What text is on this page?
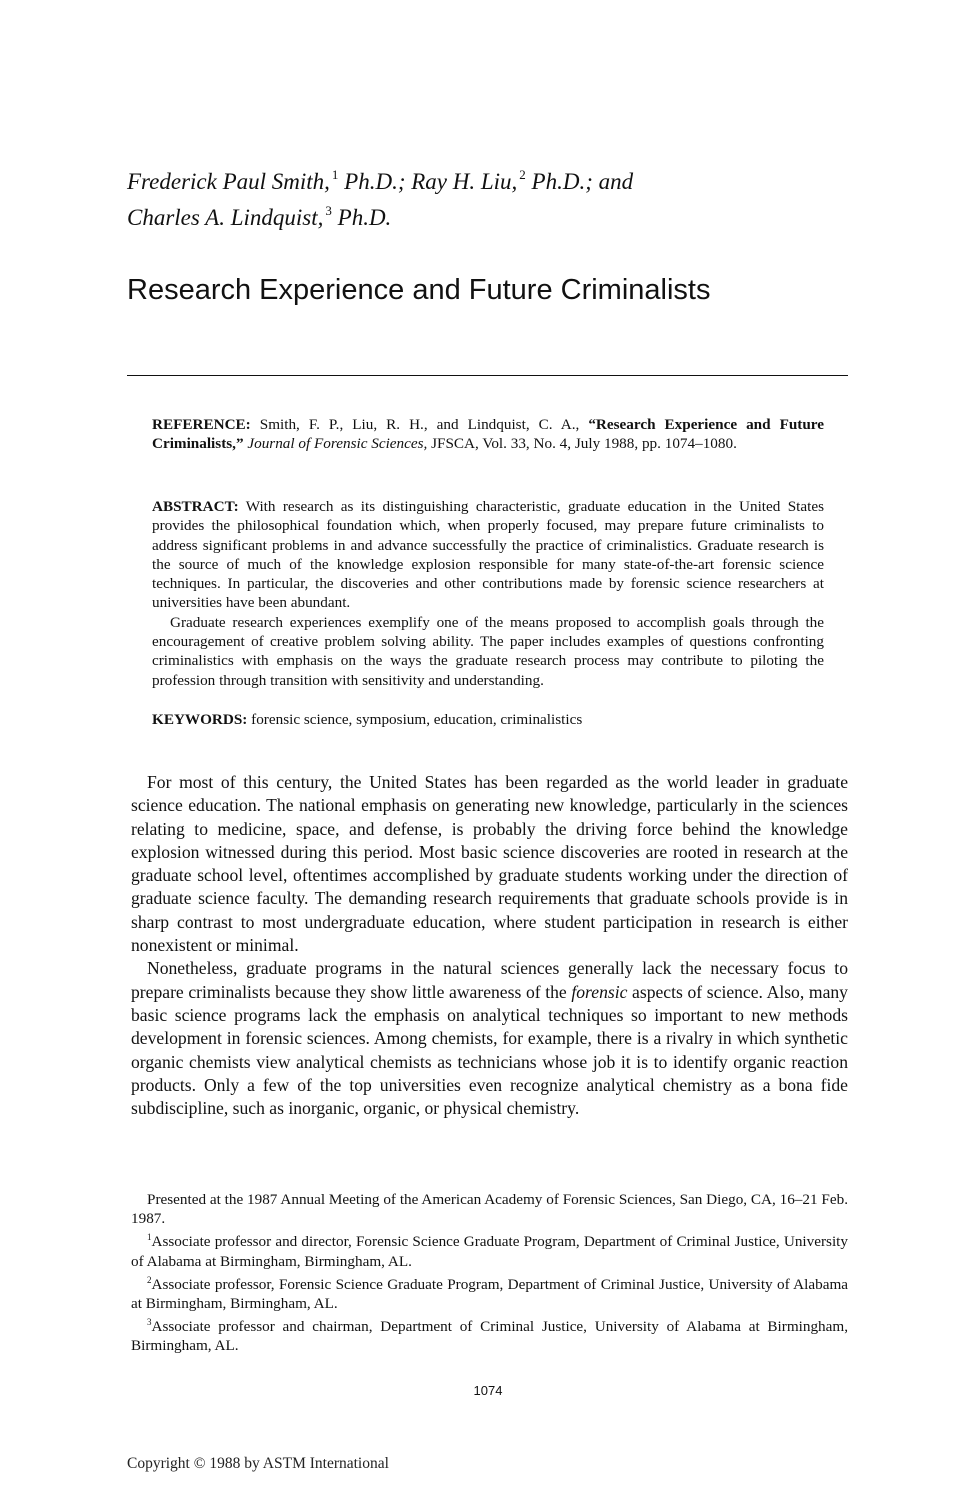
Frederick Paul Smith, $^1$ Ph.D.; Ray H. Liu, $^2$ Ph.D.; and
Charles A. Lindquist, $^3$ Ph.D.
Research Experience and Future Criminalists
REFERENCE: Smith, F. P., Liu, R. H., and Lindquist, C. A., “Research Experience and Future Criminalists,” Journal of Forensic Sciences, JFSCA, Vol. 33, No. 4, July 1988, pp. 1074–1080.
ABSTRACT: With research as its distinguishing characteristic, graduate education in the United States provides the philosophical foundation which, when properly focused, may prepare future criminalists to address significant problems in and advance successfully the practice of criminalistics. Graduate research is the source of much of the knowledge explosion responsible for many state-of-the-art forensic science techniques. In particular, the discoveries and other contributions made by forensic science researchers at universities have been abundant.
Graduate research experiences exemplify one of the means proposed to accomplish goals through the encouragement of creative problem solving ability. The paper includes examples of questions confronting criminalistics with emphasis on the ways the graduate research process may contribute to piloting the profession through transition with sensitivity and understanding.
KEYWORDS: forensic science, symposium, education, criminalistics

For most of this century, the United States has been regarded as the world leader in graduate science education. The national emphasis on generating new knowledge, particularly in the sciences relating to medicine, space, and defense, is probably the driving force behind the knowledge explosion witnessed during this period. Most basic science discoveries are rooted in research at the graduate school level, oftentimes accomplished by graduate students working under the direction of graduate science faculty. The demanding research requirements that graduate schools provide is in sharp contrast to most undergraduate education, where student participation in research is either nonexistent or minimal.

Nonetheless, graduate programs in the natural sciences generally lack the necessary focus to prepare criminalists because they show little awareness of the forensic aspects of science. Also, many basic science programs lack the emphasis on analytical techniques so important to new methods development in forensic sciences. Among chemists, for example, there is a rivalry in which synthetic organic chemists view analytical chemists as technicians whose job it is to identify organic reaction products. Only a few of the top universities even recognize analytical chemistry as a bona fide subdiscipline, such as inorganic, organic, or physical chemistry.

Presented at the 1987 Annual Meeting of the American Academy of Forensic Sciences, San Diego, CA, 16–21 Feb. 1987.

$^1$Associate professor and director, Forensic Science Graduate Program, Department of Criminal Justice, University of Alabama at Birmingham, Birmingham, AL.

$^2$Associate professor, Forensic Science Graduate Program, Department of Criminal Justice, University of Alabama at Birmingham, Birmingham, AL.

$^3$Associate professor and chairman, Department of Criminal Justice, University of Alabama at Birmingham, Birmingham, AL.

1074
Copyright © 1988 by ASTM International
